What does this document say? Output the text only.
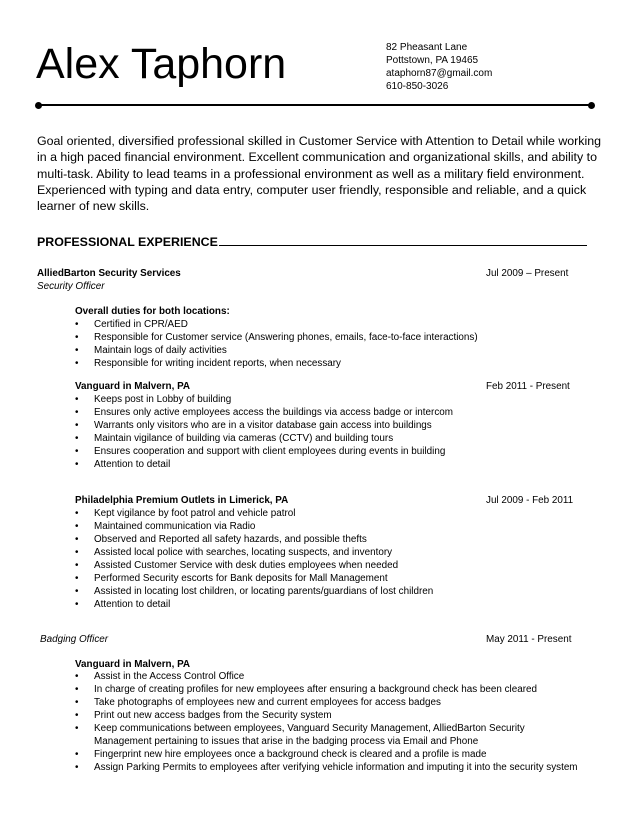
Alex Taphorn	82 Pheasant Lane
Pottstown, PA 19465
ataphorn87@gmail.com
610-850-3026
Goal oriented, diversified professional skilled in Customer Service with Attention to Detail while working in a high paced financial environment. Excellent communication and organizational skills, and ability to multi-task. Ability to lead teams in a professional environment as well as a military field environment. Experienced with typing and data entry, computer user friendly, responsible and reliable, and a quick learner of new skills.
PROFESSIONAL EXPERIENCE
AlliedBarton Security Services	Jul 2009 – Present
Security Officer
Overall duties for both locations:
• Certified in CPR/AED
• Responsible for Customer service (Answering phones, emails, face-to-face interactions)
• Maintain logs of daily activities
• Responsible for writing incident reports, when necessary
Vanguard in Malvern, PA	Feb 2011 - Present
• Keeps post in Lobby of building
• Ensures only active employees access the buildings via access badge or intercom
• Warrants only visitors who are in a visitor database gain access into buildings
• Maintain vigilance of building via cameras (CCTV) and building tours
• Ensures cooperation and support with client employees during events in building
• Attention to detail
Philadelphia Premium Outlets in Limerick, PA	Jul 2009 - Feb 2011
• Kept vigilance by foot patrol and vehicle patrol
• Maintained communication via Radio
• Observed and Reported all safety hazards, and possible thefts
• Assisted local police with searches, locating suspects, and inventory
• Assisted Customer Service with desk duties employees when needed
• Performed Security escorts for Bank deposits for Mall Management
• Assisted in locating lost children, or locating parents/guardians of lost children
• Attention to detail
Badging Officer	May 2011 - Present
Vanguard in Malvern, PA
• Assist in the Access Control Office
• In charge of creating profiles for new employees after ensuring a background check has been cleared
• Take photographs of employees new and current employees for access badges
• Print out new access badges from the Security system
• Keep communications between employees, Vanguard Security Management, AlliedBarton Security Management pertaining to issues that arise in the badging process via Email and Phone
• Fingerprint new hire employees once a background check is cleared and a profile is made
• Assign Parking Permits to employees after verifying vehicle information and imputing it into the security system
